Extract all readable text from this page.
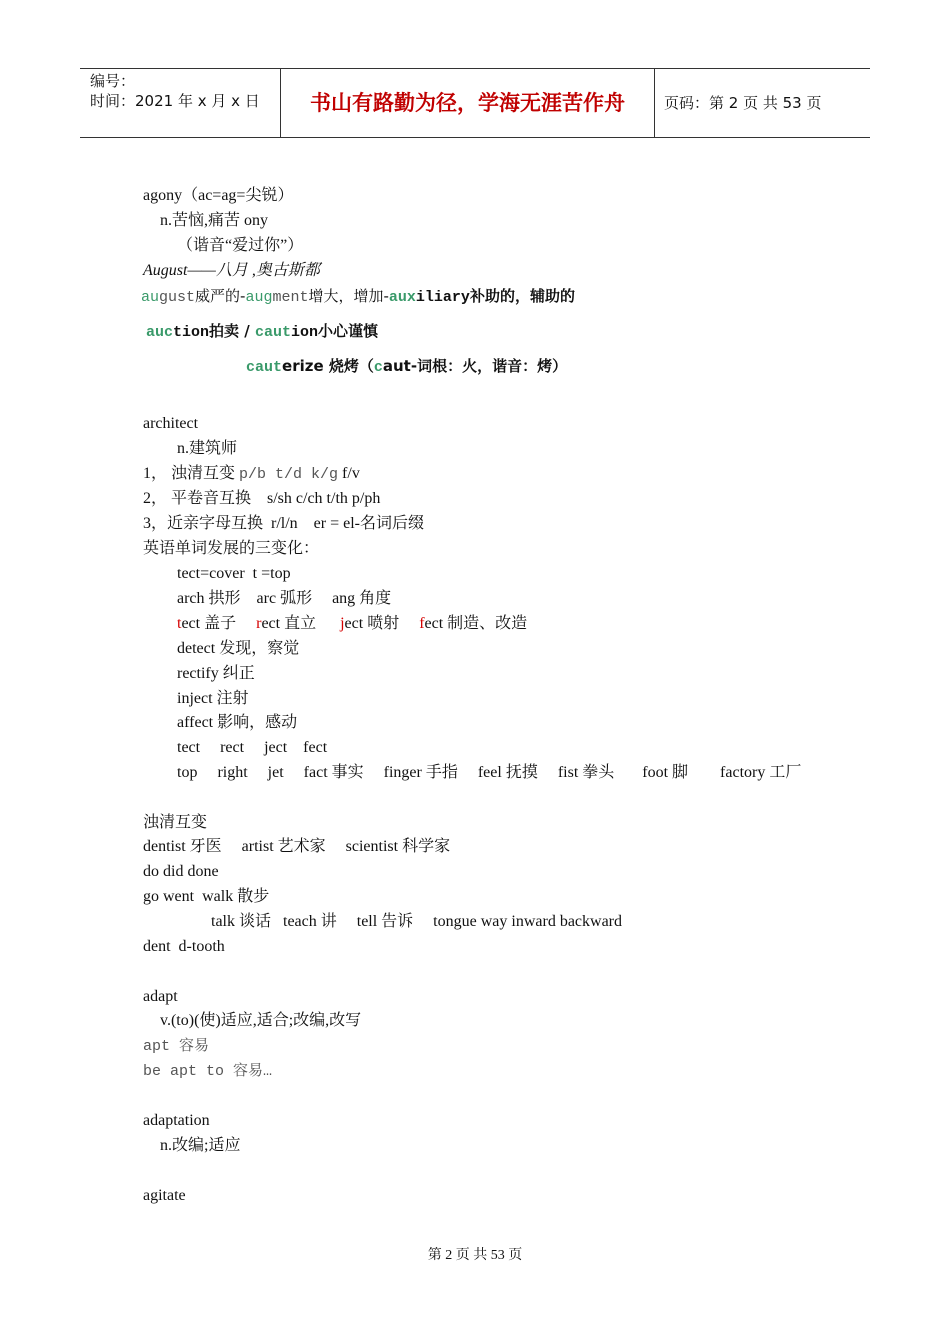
编号：
时间：2021 年 x 月 x 日	书山有路勤为径，学海无涯苦作舟	页码：第 2 页 共 53 页
agony（ac=ag=尖锐）
n.苦恼,痛苦 ony
（谐音“爱过你”）
August——八月 ,奥古斯都
august威严的-augment增大，增加-auxiliary补助的，辅助的
auction拍卖 / caution小心谨慎
cauterize 烧烤（caut-词根：火，谐音：烤）
architect
n.建筑师
1， 浊清互变 p/b t/d k/g f/v
2， 平卷音互换    s/sh c/ch t/th p/ph
3，近亲字母互换  r/l/n    er = el-名词后缀
英语单词发展的三变化：
tect=cover  t =top
arch 拱形    arc 弧形     ang 角度
tect 盖子     rect 直立      ject 喷射     fect 制造、改造
detect 发现，察觉
rectify 纠正
inject 注射
affect 影响，感动
tect     rect     ject    fect
top     right     jet     fact 事实     finger 手指     feel 抚摸     fist 拳头       foot 脚        factory 工厂
浊清互变
dentist 牙医     artist 艺术家     scientist 科学家
do did done
go went  walk 散步
talk 谈话   teach 讲     tell 告诉     tongue way inward backward
dent  d-tooth
adapt
v.(to)(使)适应,适合;改编,改写
apt 容易
be apt to 容易…
adaptation
n.改编;适应
agitate
第 2 页 共 53 页
